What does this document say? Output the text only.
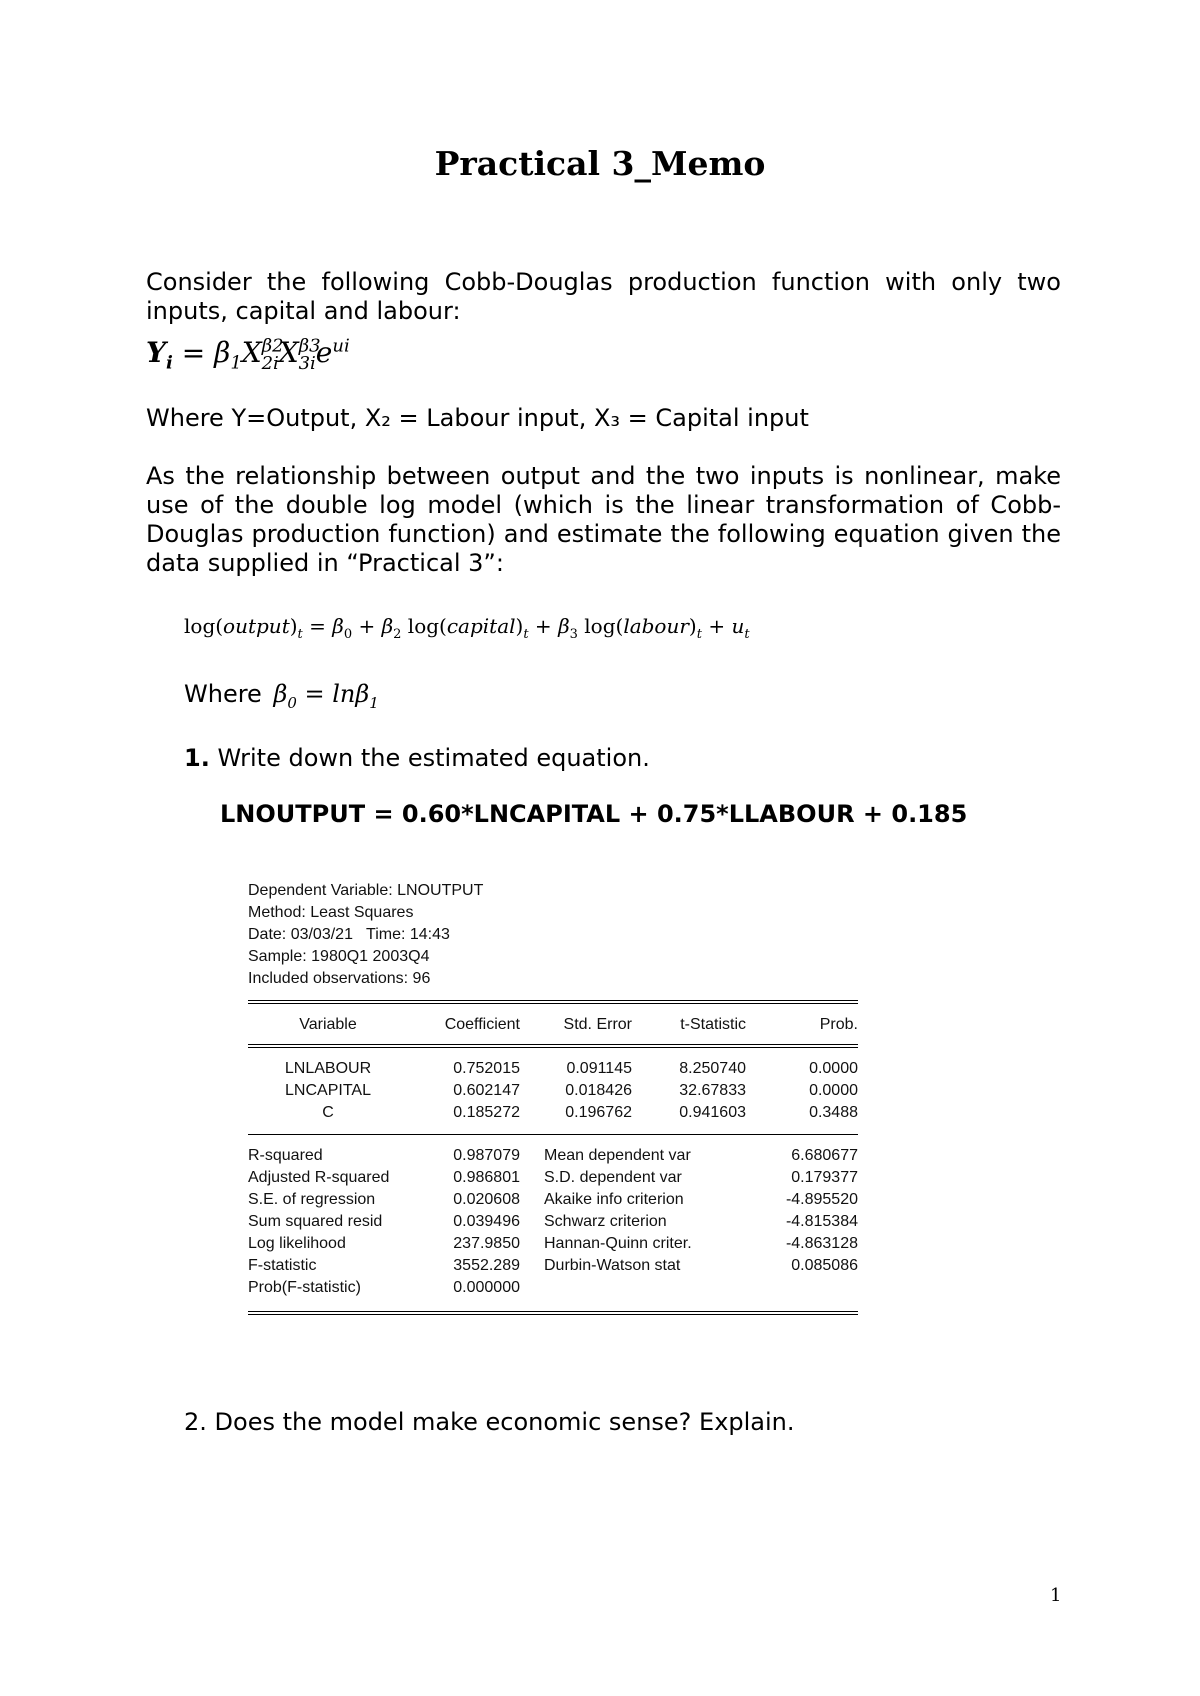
Practical 3_Memo
Consider the following Cobb-Douglas production function with only two inputs, capital and labour:
$Y_i = \beta_1X^{\beta 2}_{2i}X^{\beta 3}_{3i}e^{ui}$
Where Y=Output, X₂ = Labour input, X₃ = Capital input
As the relationship between output and the two inputs is nonlinear, make use of the double log model (which is the linear transformation of Cobb-Douglas production function) and estimate the following equation given the data supplied in “Practical 3”:
$\log(output)_t = \beta_0 + \beta_2$ $\log(capital)_t + \beta_3$ $\log(labour)_t + u_t$
Where $\beta_0 = \ln\beta_1$
1. Write down the estimated equation.
LNOUTPUT = 0.60*LNCAPITAL + 0.75*LLABOUR + 0.185
Dependent Variable: LNOUTPUT
Method: Least Squares
Date: 03/03/21   Time: 14:43
Sample: 1980Q1 2003Q4
Included observations: 96
Variable	Coefficient	Std. Error	t-Statistic	Prob.
LNLABOUR	0.752015	0.091145	8.250740	0.0000
LNCAPITAL	0.602147	0.018426	32.67833	0.0000
C	0.185272	0.196762	0.941603	0.3488
R-squared	0.987079	Mean dependent var	6.680677
Adjusted R-squared	0.986801	S.D. dependent var	0.179377
S.E. of regression	0.020608	Akaike info criterion	-4.895520
Sum squared resid	0.039496	Schwarz criterion	-4.815384
Log likelihood	237.9850	Hannan-Quinn criter.	-4.863128
F-statistic	3552.289	Durbin-Watson stat	0.085086
Prob(F-statistic)	0.000000		
2. Does the model make economic sense? Explain.
1
